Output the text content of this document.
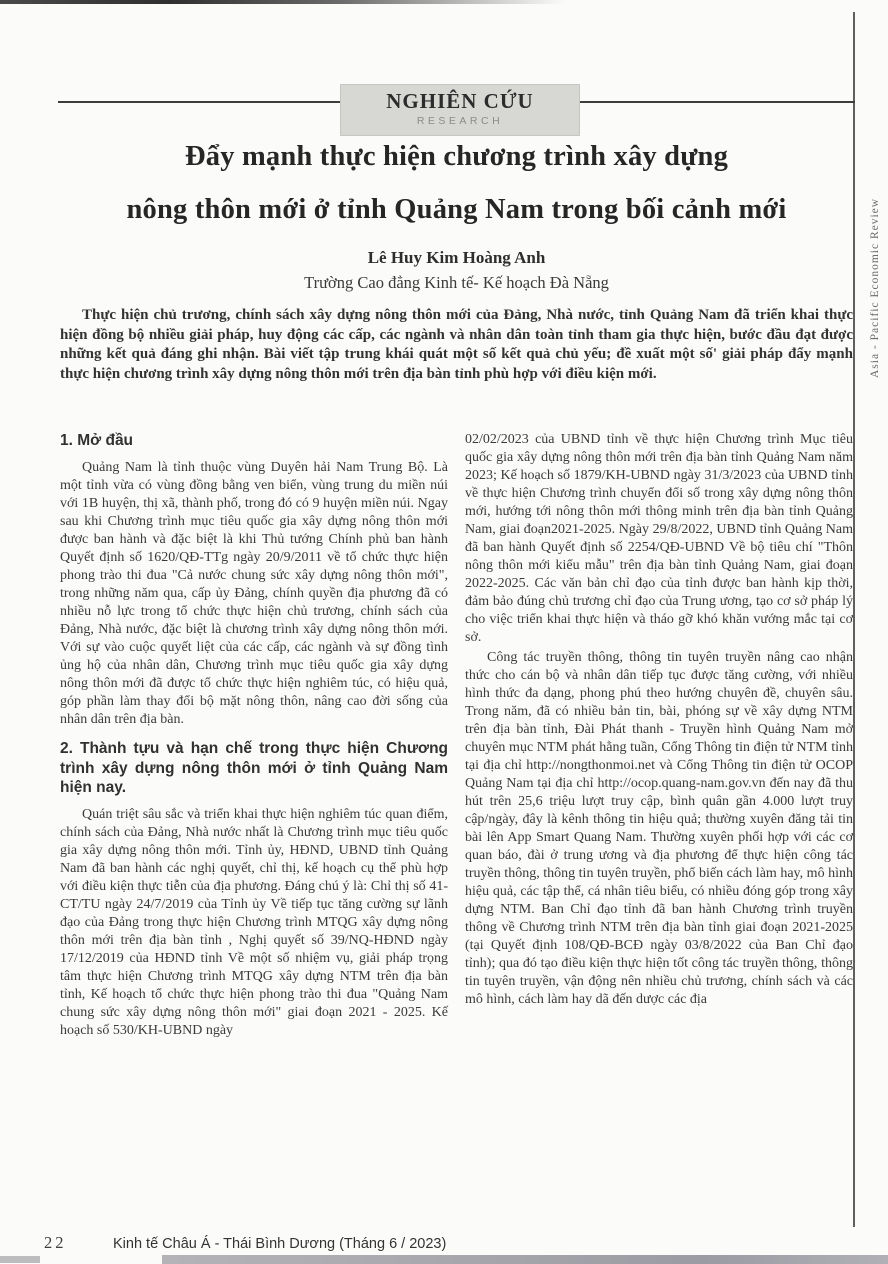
Asia - Pacific Economic Review
NGHIÊN CỨU
RESEARCH
Đẩy mạnh thực hiện chương trình xây dựng
nông thôn mới ở tỉnh Quảng Nam trong bối cảnh mới
Lê Huy Kim Hoàng Anh
Trường Cao đẳng Kinh tế- Kế hoạch Đà Nẵng

Thực hiện chủ trương, chính sách xây dựng nông thôn mới của Đảng, Nhà nước, tỉnh Quảng Nam đã triển khai thực hiện đồng bộ nhiều giải pháp, huy động các cấp, các ngành và nhân dân toàn tỉnh tham gia thực hiện, bước đầu đạt được những kết quả đáng ghi nhận. Bài viết tập trung khái quát một số kết quả chủ yếu; đề xuất một số' giải pháp đẩy mạnh thực hiện chương trình xây dựng nông thôn mới trên địa bàn tỉnh phù hợp với điều kiện mới.

1. Mở đầu

Quảng Nam là tỉnh thuộc vùng Duyên hải Nam Trung Bộ. Là một tỉnh vừa có vùng đồng bằng ven biển, vùng trung du miền núi với 1B huyện, thị xã, thành phố, trong đó có 9 huyện miền núi. Ngay sau khi Chương trình mục tiêu quốc gia xây dựng nông thôn mới được ban hành và đặc biệt là khi Thủ tướng Chính phủ ban hành Quyết định số 1620/QĐ-TTg ngày 20/9/2011 về tổ chức thực hiện phong trào thi đua "Cả nước chung sức xây dựng nông thôn mới", trong những năm qua, cấp ủy Đảng, chính quyền địa phương đã có nhiều nỗ lực trong tổ chức thực hiện chủ trương, chính sách của Đảng, Nhà nước, đặc biệt là chương trình xây dựng nông thôn mới. Với sự vào cuộc quyết liệt của các cấp, các ngành và sự đồng tình ủng hộ của nhân dân, Chương trình mục tiêu quốc gia xây dựng nông thôn mới đã được tổ chức thực hiện nghiêm túc, có hiệu quả, góp phần làm thay đổi bộ mặt nông thôn, nâng cao đời sống của nhân dân trên địa bàn.

2. Thành tựu và hạn chế trong thực hiện Chương trình xây dựng nông thôn mới ở tỉnh Quảng Nam hiện nay.

Quán triệt sâu sắc và triển khai thực hiện nghiêm túc quan điểm, chính sách của Đảng, Nhà nước nhất là Chương trình mục tiêu quốc gia xây dựng nông thôn mới. Tỉnh ủy, HĐND, UBND tỉnh Quảng Nam đã ban hành các nghị quyết, chỉ thị, kế hoạch cụ thể phù hợp với điều kiện thực tiễn của địa phương. Đáng chú ý là: Chỉ thị số 41-CT/TU ngày 24/7/2019 của Tỉnh ủy Về tiếp tục tăng cường sự lãnh đạo của Đảng trong thực hiện Chương trình MTQG xây dựng nông thôn mới trên địa bàn tỉnh , Nghị quyết số 39/NQ-HĐND ngày 17/12/2019 của HĐND tỉnh Về một số nhiệm vụ, giải pháp trọng tâm thực hiện Chương trình MTQG xây dựng NTM trên địa bàn tỉnh, Kế hoạch tổ chức thực hiện phong trào thi đua "Quảng Nam chung sức xây dựng nông thôn mới" giai đoạn 2021 - 2025. Kế hoạch số 530/KH-UBND ngày

02/02/2023 của UBND tỉnh về thực hiện Chương trình Mục tiêu quốc gia xây dựng nông thôn mới trên địa bàn tỉnh Quảng Nam năm 2023; Kế hoạch số 1879/KH-UBND ngày 31/3/2023 của UBND tỉnh về thực hiện Chương trình chuyển đổi số trong xây dựng nông thôn mới, hướng tới nông thôn mới thông minh trên địa bàn tỉnh Quảng Nam, giai đoạn2021-2025. Ngày 29/8/2022, UBND tỉnh Quảng Nam đã ban hành Quyết định số 2254/QĐ-UBND Về bộ tiêu chí "Thôn nông thôn mới kiểu mẫu" trên địa bàn tỉnh Quảng Nam, giai đoạn 2022-2025. Các văn bản chỉ đạo của tỉnh được ban hành kịp thời, đảm bảo đúng chủ trương chỉ đạo của Trung ương, tạo cơ sở pháp lý cho việc triển khai thực hiện và tháo gỡ khó khăn vướng mắc tại cơ sở.

Công tác truyền thông, thông tin tuyên truyền nâng cao nhận thức cho cán bộ và nhân dân tiếp tục được tăng cường, với nhiều hình thức đa dạng, phong phú theo hướng chuyên đề, chuyên sâu. Trong năm, đã có nhiều bản tin, bài, phóng sự về xây dựng NTM trên địa bàn tỉnh, Đài Phát thanh - Truyền hình Quảng Nam mở chuyên mục NTM phát hằng tuần, Cổng Thông tin điện tử NTM tỉnh tại địa chỉ http://nongthonmoi.net và Cổng Thông tin điện tử OCOP Quảng Nam tại địa chỉ http://ocop.quang-nam.gov.vn đến nay đã thu hút trên 25,6 triệu lượt truy cập, bình quân gần 4.000 lượt truy cập/ngày, đây là kênh thông tin hiệu quả; thường xuyên đăng tải tin bài lên App Smart Quang Nam. Thường xuyên phối hợp với các cơ quan báo, đài ở trung ương và địa phương để thực hiện công tác truyền thông, thông tin tuyên truyền, phổ biến cách làm hay, mô hình hiệu quả, các tập thể, cá nhân tiêu biểu, có nhiều đóng góp trong xây dựng NTM. Ban Chỉ đạo tỉnh đã ban hành Chương trình truyền thông về Chương trình NTM trên địa bàn tỉnh giai đoạn 2021-2025 (tại Quyết định 108/QĐ-BCĐ ngày 03/8/2022 của Ban Chỉ đạo tỉnh); qua đó tạo điều kiện thực hiện tốt công tác truyền thông, thông tin tuyên truyền, vận động nên nhiều chủ trương, chính sách và các mô hình, cách làm hay dã đến dược các địa

22	Kinh tế Châu Á - Thái Bình Dương (Tháng 6 / 2023)
